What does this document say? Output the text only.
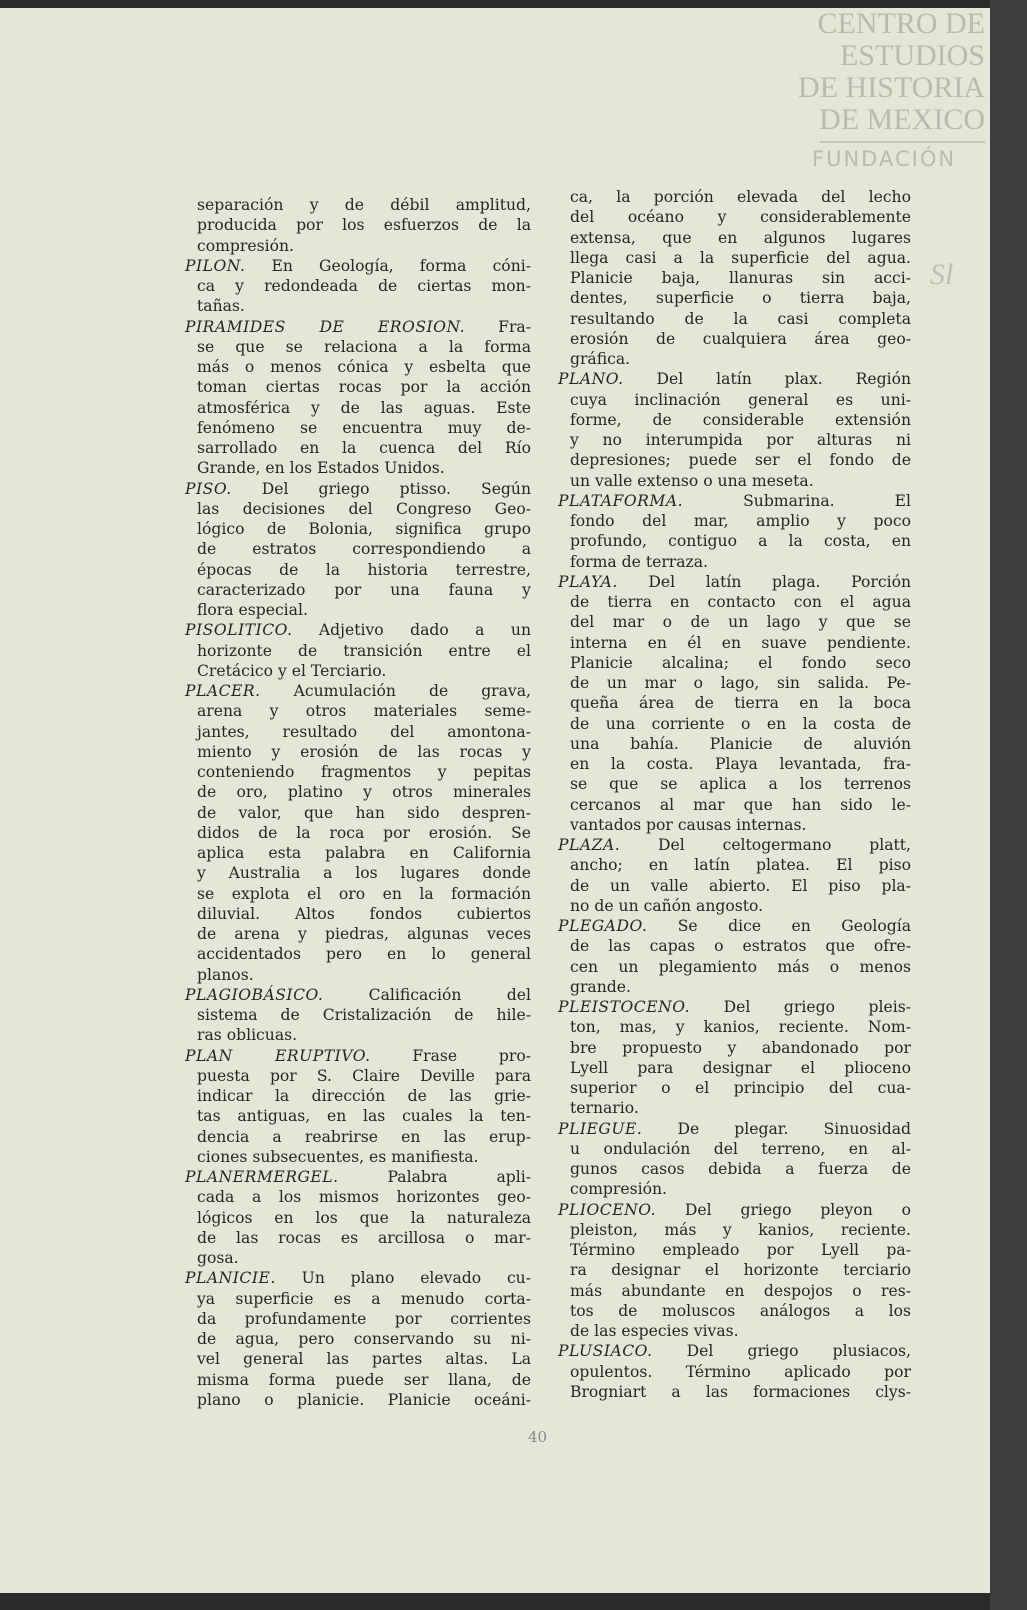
CENTRO DE
ESTUDIOS
DE HISTORIA
DE MEXICO
FUNDACIÓN
Sl
separación y de débil amplitud,
producida por los esfuerzos de la
compresión.
PILON. En Geología, forma cóni-
ca y redondeada de ciertas mon-
tañas.
PIRAMIDES DE EROSION. Fra-
se que se relaciona a la forma
más o menos cónica y esbelta que
toman ciertas rocas por la acción
atmosférica y de las aguas. Este
fenómeno se encuentra muy de-
sarrollado en la cuenca del Río
Grande, en los Estados Unidos.
PISO. Del griego ptisso. Según
las decisiones del Congreso Geo-
lógico de Bolonia, significa grupo
de estratos correspondiendo a
épocas de la historia terrestre,
caracterizado por una fauna y
flora especial.
PISOLITICO. Adjetivo dado a un
horizonte de transición entre el
Cretácico y el Terciario.
PLACER. Acumulación de grava,
arena y otros materiales seme-
jantes, resultado del amontona-
miento y erosión de las rocas y
conteniendo fragmentos y pepitas
de oro, platino y otros minerales
de valor, que han sido despren-
didos de la roca por erosión. Se
aplica esta palabra en California
y Australia a los lugares donde
se explota el oro en la formación
diluvial. Altos fondos cubiertos
de arena y piedras, algunas veces
accidentados pero en lo general
planos.
PLAGIOBÁSICO. Calificación del
sistema de Cristalización de hile-
ras oblicuas.
PLAN ERUPTIVO. Frase pro-
puesta por S. Claire Deville para
indicar la dirección de las grie-
tas antiguas, en las cuales la ten-
dencia a reabrirse en las erup-
ciones subsecuentes, es manifiesta.
PLANERMERGEL. Palabra apli-
cada a los mismos horizontes geo-
lógicos en los que la naturaleza
de las rocas es arcillosa o mar-
gosa.
PLANICIE. Un plano elevado cu-
ya superficie es a menudo corta-
da profundamente por corrientes
de agua, pero conservando su ni-
vel general las partes altas. La
misma forma puede ser llana, de
plano o planicie. Planicie oceáni-
ca, la porción elevada del lecho
del océano y considerablemente
extensa, que en algunos lugares
llega casi a la superficie del agua.
Planicie baja, llanuras sin acci-
dentes, superficie o tierra baja,
resultando de la casi completa
erosión de cualquiera área geo-
gráfica.
PLANO. Del latín plax. Región
cuya inclinación general es uni-
forme, de considerable extensión
y no interumpida por alturas ni
depresiones; puede ser el fondo de
un valle extenso o una meseta.
PLATAFORMA. Submarina. El
fondo del mar, amplio y poco
profundo, contiguo a la costa, en
forma de terraza.
PLAYA. Del latín plaga. Porción
de tierra en contacto con el agua
del mar o de un lago y que se
interna en él en suave pendiente.
Planicie alcalina; el fondo seco
de un mar o lago, sin salida. Pe-
queña área de tierra en la boca
de una corriente o en la costa de
una bahía. Planicie de aluvión
en la costa. Playa levantada, fra-
se que se aplica a los terrenos
cercanos al mar que han sido le-
vantados por causas internas.
PLAZA. Del celtogermano platt,
ancho; en latín platea. El piso
de un valle abierto. El piso pla-
no de un cañón angosto.
PLEGADO. Se dice en Geología
de las capas o estratos que ofre-
cen un plegamiento más o menos
grande.
PLEISTOCENO. Del griego pleis-
ton, mas, y kanios, reciente. Nom-
bre propuesto y abandonado por
Lyell para designar el plioceno
superior o el principio del cua-
ternario.
PLIEGUE. De plegar. Sinuosidad
u ondulación del terreno, en al-
gunos casos debida a fuerza de
compresión.
PLIOCENO. Del griego pleyon o
pleiston, más y kanios, reciente.
Término empleado por Lyell pa-
ra designar el horizonte terciario
más abundante en despojos o res-
tos de moluscos análogos a los
de las especies vivas.
PLUSIACO. Del griego plusiacos,
opulentos. Término aplicado por
Brogniart a las formaciones clys-
40
